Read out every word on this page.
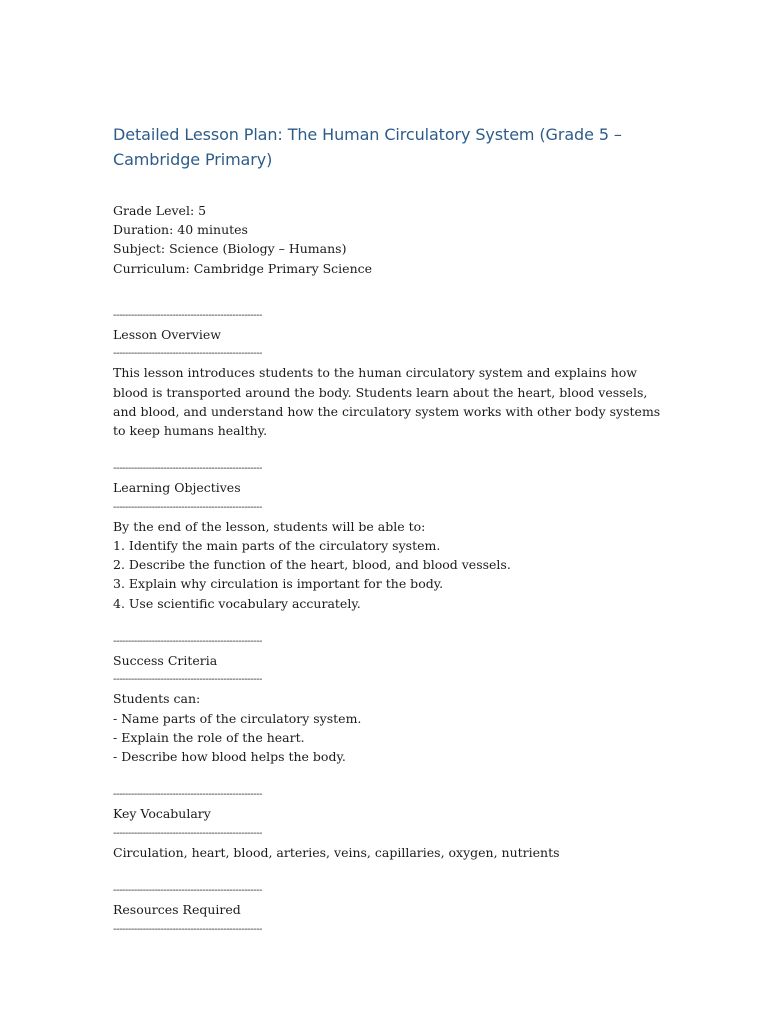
Detailed Lesson Plan: The Human Circulatory System (Grade 5 – Cambridge Primary)
Grade Level: 5
Duration: 40 minutes
Subject: Science (Biology – Humans)
Curriculum: Cambridge Primary Science
--------------------------------------------------
Lesson Overview
--------------------------------------------------

This lesson introduces students to the human circulatory system and explains how blood is transported around the body. Students learn about the heart, blood vessels, and blood, and understand how the circulatory system works with other body systems to keep humans healthy.

--------------------------------------------------
Learning Objectives
--------------------------------------------------
By the end of the lesson, students will be able to:
1. Identify the main parts of the circulatory system.
2. Describe the function of the heart, blood, and blood vessels.
3. Explain why circulation is important for the body.
4. Use scientific vocabulary accurately.
--------------------------------------------------
Success Criteria
--------------------------------------------------
Students can:
- Name parts of the circulatory system.
- Explain the role of the heart.
- Describe how blood helps the body.
--------------------------------------------------
Key Vocabulary
--------------------------------------------------
Circulation, heart, blood, arteries, veins, capillaries, oxygen, nutrients
--------------------------------------------------
Resources Required
--------------------------------------------------
